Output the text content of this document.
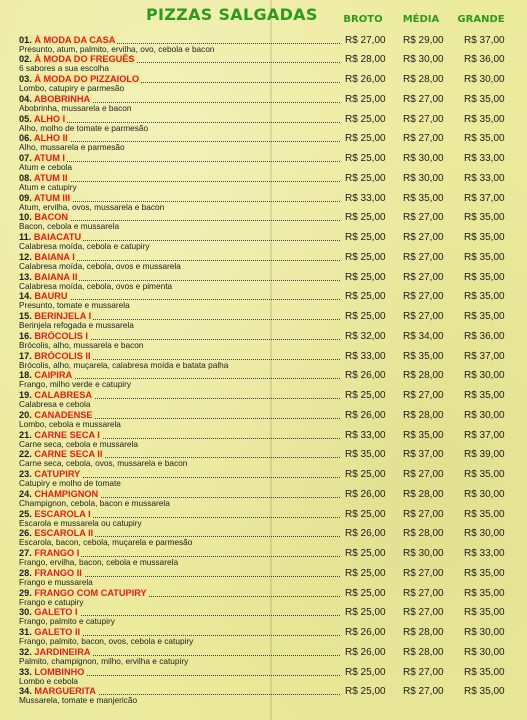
PIZZAS SALGADAS	BROTO	MÉDIA	GRANDE
01. À MODA DA CASA
Presunto, atum, palmito, ervilha, ovo, cebola e bacon
R$ 27,00	R$ 29,00	R$ 37,00
02. À MODA DO FREGUÊS
6 sabores a sua escolha
R$ 28,00	R$ 30,00	R$ 36,00
03. À MODA DO PIZZAIOLO
Lombo, catupiry e parmesão
R$ 26,00	R$ 28,00	R$ 30,00
04. ABOBRINHA
Abobrinha, mussarela e bacon
R$ 25,00	R$ 27,00	R$ 35,00
05. ALHO I
Alho, molho de tomate e parmesão
R$ 25,00	R$ 27,00	R$ 35,00
06. ALHO II
Alho, mussarela e parmesão
R$ 25,00	R$ 27,00	R$ 35,00
07. ATUM I
Atum e cebola
R$ 25,00	R$ 30,00	R$ 33,00
08. ATUM II
Atum e catupiry
R$ 25,00	R$ 30,00	R$ 33,00
09. ATUM III
Atum, ervilha, ovos, mussarela e bacon
R$ 33,00	R$ 35,00	R$ 37,00
10. BACON
Bacon, cebola e mussarela
R$ 25,00	R$ 27,00	R$ 35,00
11. BAIACATU
Calabresa moída, cebola e catupiry
R$ 25,00	R$ 27,00	R$ 35,00
12. BAIANA I
Calabresa moída, cebola, ovos e mussarela
R$ 25,00	R$ 27,00	R$ 35,00
13. BAIANA II
Calabresa moída, cebola, ovos e pimenta
R$ 25,00	R$ 27,00	R$ 35,00
14. BAURU
Presunto, tomate e mussarela
R$ 25,00	R$ 27,00	R$ 35,00
15. BERINJELA I
Berinjela refogada e mussarela
R$ 25,00	R$ 27,00	R$ 35,00
16. BRÓCOLIS I
Brócolis, alho, mussarela e bacon
R$ 32,00	R$ 34,00	R$ 36,00
17. BRÓCOLIS II
Brócolis, alho, muçarela, calabresa moída e batata palha
R$ 33,00	R$ 35,00	R$ 37,00
18. CAIPIRA
Frango, milho verde e catupiry
R$ 26,00	R$ 28,00	R$ 30,00
19. CALABRESA
Calabresa e cebola
R$ 25,00	R$ 27,00	R$ 35,00
20. CANADENSE
Lombo, cebola e mussarela
R$ 26,00	R$ 28,00	R$ 30,00
21. CARNE SECA I
Carne seca, cebola e mussarela
R$ 33,00	R$ 35,00	R$ 37,00
22. CARNE SECA II
Carne seca, cebola, ovos, mussarela e bacon
R$ 35,00	R$ 37,00	R$ 39,00
23. CATUPIRY
Catupiry e molho de tomate
R$ 25,00	R$ 27,00	R$ 35,00
24. CHAMPIGNON
Champignon, cebola, bacon e mussarela
R$ 26,00	R$ 28,00	R$ 30,00
25. ESCAROLA I
Escarola e mussarela ou catupiry
R$ 25,00	R$ 27,00	R$ 35,00
26. ESCAROLA II
Escarola, bacon, cebola, muçarela e parmesão
R$ 26,00	R$ 28,00	R$ 30,00
27. FRANGO I
Frango, ervilha, bacon, cebola e mussarela
R$ 25,00	R$ 30,00	R$ 33,00
28. FRANGO II
Frango e mussarela
R$ 25,00	R$ 27,00	R$ 35,00
29. FRANGO COM CATUPIRY
Frango e catupiry
R$ 25,00	R$ 27,00	R$ 35,00
30. GALETO I
Frango, palmito e catupiry
R$ 25,00	R$ 27,00	R$ 35,00
31. GALETO II
Frango, palmito, bacon, ovos, cebola e catupiry
R$ 26,00	R$ 28,00	R$ 30,00
32. JARDINEIRA
Palmito, champignon, milho, ervilha e catupiry
R$ 26,00	R$ 28,00	R$ 30,00
33. LOMBINHO
Lombo e cebola
R$ 25,00	R$ 27,00	R$ 35,00
34. MARGUERITA
Mussarela, tomate e manjericão
R$ 25,00	R$ 27,00	R$ 35,00
